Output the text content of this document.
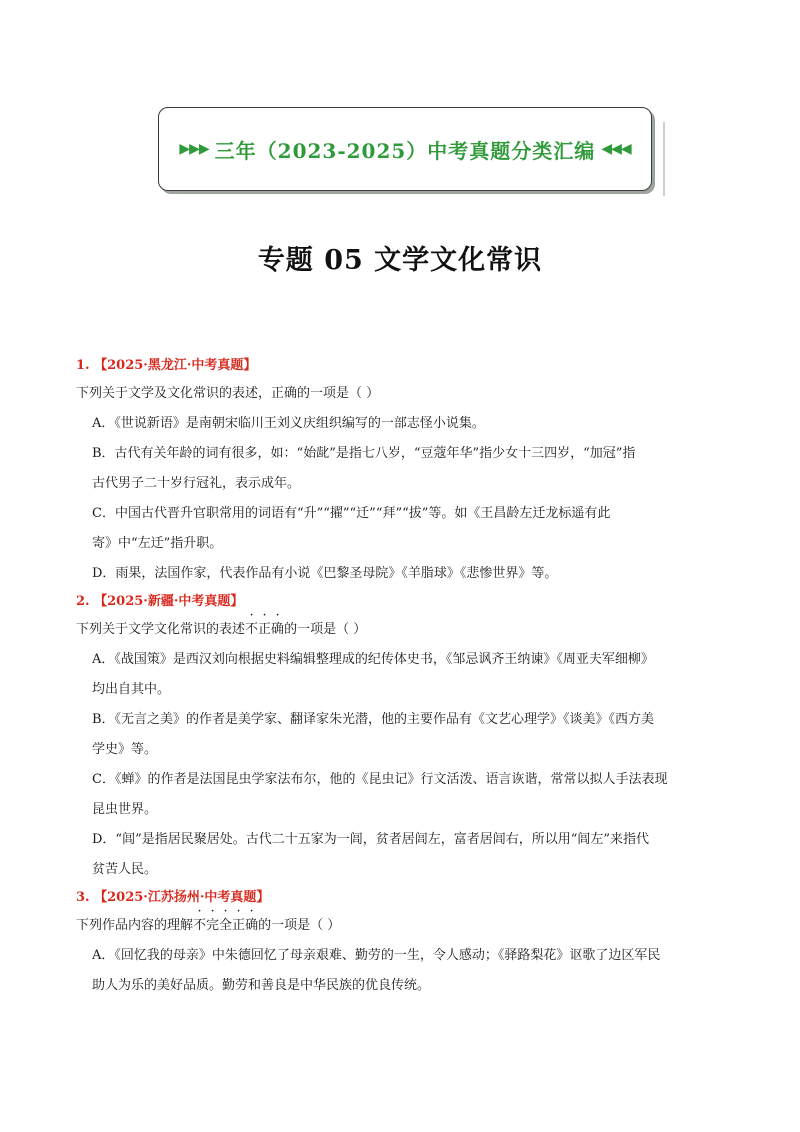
▶▶▶ 三年（2023-2025）中考真题分类汇编 ◀◀◀
专题 05 文学文化常识
1. 【2025·黑龙江·中考真题】
下列关于文学及文化常识的表述，正确的一项是（ ）
A．《世说新语》是南朝宋临川王刘义庆组织编写的一部志怪小说集。
B．古代有关年龄的词有很多，如：“始龀”是指七八岁，“豆蔻年华”指少女十三四岁，“加冠”指
古代男子二十岁行冠礼，表示成年。
C．中国古代晋升官职常用的词语有“升”“擢”“迁”“拜”“拔”等。如《王昌龄左迁龙标遥有此
寄》中“左迁”指升职。
D．雨果，法国作家，代表作品有小说《巴黎圣母院》《羊脂球》《悲惨世界》等。
2. 【2025·新疆·中考真题】
下列关于文学文化常识的表述不正确的一项是（ ）
A．《战国策》是西汉刘向根据史料编辑整理成的纪传体史书，《邹忌讽齐王纳谏》《周亚夫军细柳》
均出自其中。
B．《无言之美》的作者是美学家、翻译家朱光潜，他的主要作品有《文艺心理学》《谈美》《西方美
学史》等。
C．《蝉》的作者是法国昆虫学家法布尔，他的《昆虫记》行文活泼、语言诙谐，常常以拟人手法表现
昆虫世界。
D．“闾”是指居民聚居处。古代二十五家为一闾，贫者居闾左，富者居闾右，所以用“闾左”来指代
贫苦人民。
3. 【2025·江苏扬州·中考真题】
下列作品内容的理解不完全正确的一项是（ ）
A．《回忆我的母亲》中朱德回忆了母亲艰难、勤劳的一生，令人感动；《驿路梨花》讴歌了边区军民
助人为乐的美好品质。勤劳和善良是中华民族的优良传统。
